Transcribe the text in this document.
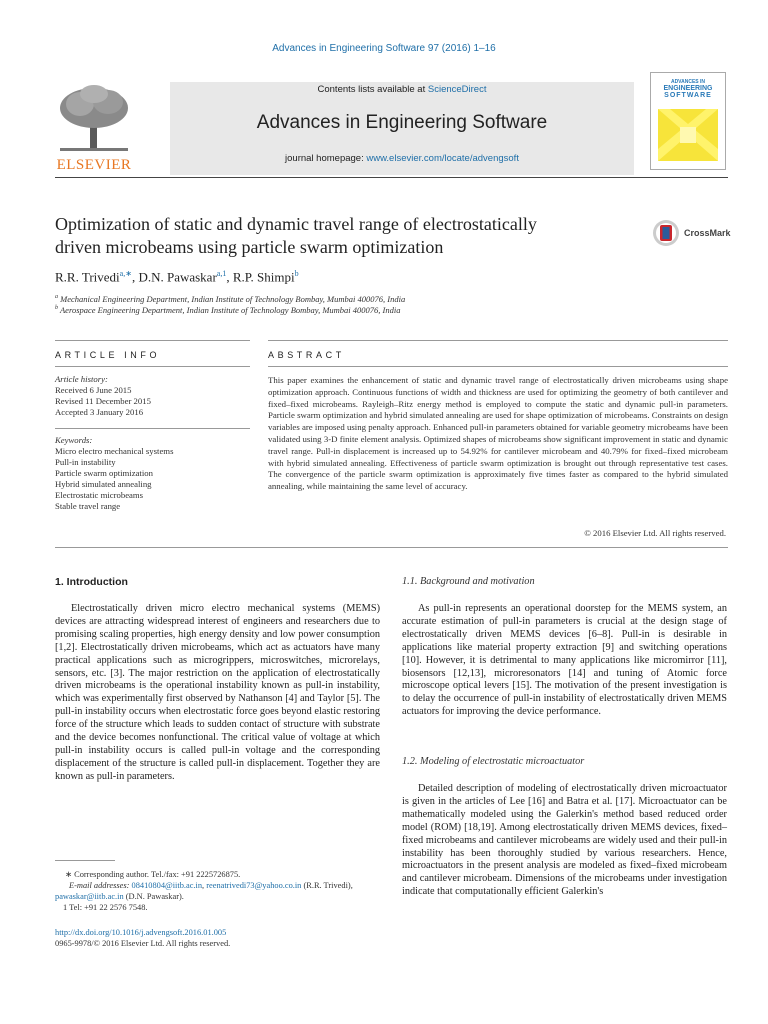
Advances in Engineering Software 97 (2016) 1–16
ELSEVIER
Contents lists available at ScienceDirect
Advances in Engineering Software
journal homepage: www.elsevier.com/locate/advengsoft
ADVANCES IN
ENGINEERING
SOFTWARE
Optimization of static and dynamic travel range of electrostatically
driven microbeams using particle swarm optimization
CrossMark
R.R. Trivedi$^{a,∗}$, D.N. Pawaskar$^{a,1}$, R.P. Shimpi$^b$
$^a$ Mechanical Engineering Department, Indian Institute of Technology Bombay, Mumbai 400076, India
$^b$ Aerospace Engineering Department, Indian Institute of Technology Bombay, Mumbai 400076, India
ARTICLE INFO
Article history:
Received 6 June 2015
Revised 11 December 2015
Accepted 3 January 2016
Keywords:
Micro electro mechanical systems
Pull-in instability
Particle swarm optimization
Hybrid simulated annealing
Electrostatic microbeams
Stable travel range
ABSTRACT
This paper examines the enhancement of static and dynamic travel range of electrostatically driven microbeams using shape optimization approach. Continuous functions of width and thickness are used for optimizing the geometry of both cantilever and fixed–fixed microbeams. Rayleigh–Ritz energy method is employed to compute the static and dynamic pull-in parameters. Particle swarm optimization and hybrid simulated annealing are used for shape optimization of microbeams. Constraints on design variables are imposed using penalty approach. Enhanced pull-in parameters obtained for variable geometry microbeams have been validated using 3-D finite element analysis. Optimized shapes of microbeams show significant improvement in static and dynamic travel range. Pull-in displacement is increased up to 54.92% for cantilever microbeam and 40.79% for fixed–fixed microbeam with hybrid simulated annealing. Effectiveness of particle swarm optimization is brought out through representative test cases. The convergence of the particle swarm optimization is approximately five times faster as compared to the hybrid simulated annealing, while maintaining the same level of accuracy.
© 2016 Elsevier Ltd. All rights reserved.
1. Introduction

Electrostatically driven micro electro mechanical systems (MEMS) devices are attracting widespread interest of engineers and researchers due to promising scaling properties, high energy density and low power consumption [1,2]. Electrostatically driven microbeams, which act as actuators have many practical applications such as microgrippers, microswitches, microrelays, sensors, etc. [3]. The major restriction on the application of electrostatically driven microbeams is the operational instability known as pull-in instability, which was experimentally first observed by Nathanson [4] and Taylor [5]. The pull-in instability occurs when electrostatic force goes beyond elastic restoring force of the structure which leads to sudden contact of structure with substrate and the device becomes nonfunctional. The critical value of voltage at which pull-in instability occurs is called pull-in voltage and the corresponding displacement of the structure is called pull-in displacement. Together they are known as pull-in parameters.

∗ Corresponding author. Tel./fax: +91 2225726875.
E-mail addresses: 08410804@iitb.ac.in, reenatrivedi73@yahoo.co.in (R.R. Trivedi),
pawaskar@iitb.ac.in (D.N. Pawaskar).
1 Tel: +91 22 2576 7548.
http://dx.doi.org/10.1016/j.advengsoft.2016.01.005
0965-9978/© 2016 Elsevier Ltd. All rights reserved.
1.1. Background and motivation

As pull-in represents an operational doorstep for the MEMS system, an accurate estimation of pull-in parameters is crucial at the design stage of electrostatically driven MEMS devices [6–8]. Pull-in is desirable in applications like material property extraction [9] and switching operations [10]. However, it is detrimental to many applications like micromirror [11], biosensors [12,13], microresonators [14] and tuning of Atomic force microscope optical levers [15]. The motivation of the present investigation is to delay the occurrence of pull-in instability of electrostatically driven MEMS actuators for improving the device performance.

1.2. Modeling of electrostatic microactuator

Detailed description of modeling of electrostatically driven microactuator is given in the articles of Lee [16] and Batra et al. [17]. Microactuator can be mathematically modeled using the Galerkin's method based reduced order model (ROM) [18,19]. Among electrostatically driven MEMS devices, fixed–fixed microbeams and cantilever microbeams are widely used and their pull-in instability has been thoroughly studied by various researchers. Hence, microactuators in the present analysis are modeled as fixed–fixed microbeam and cantilever microbeam. Dimensions of the microbeams under investigation indicate that computationally efficient Galerkin's
